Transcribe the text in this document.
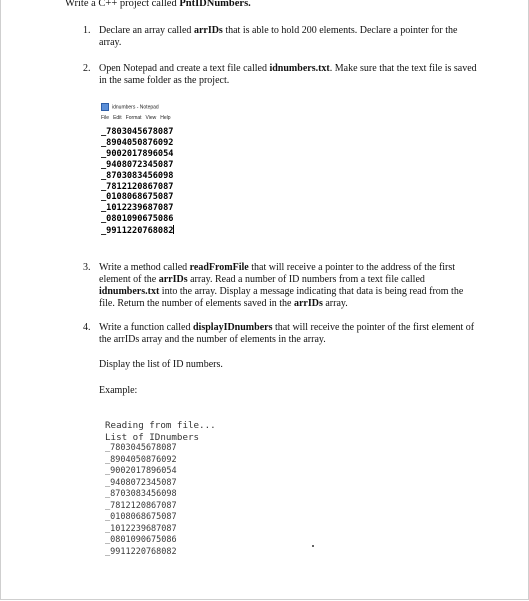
Write a C++ project called PntIDNumbers.
1. Declare an array called arrIDs that is able to hold 200 elements. Declare a pointer for the array.
2. Open Notepad and create a text file called idnumbers.txt. Make sure that the text file is saved in the same folder as the project.
idnumbers - Notepad
File Edit Format View Help
_7803045678087
_8904050876092
_9002017896054
_9408072345087
_8703083456098
_7812120867087
_0108068675087
_1012239687087
_0801090675086
_9911220768082
3. Write a method called readFromFile that will receive a pointer to the address of the first element of the arrIDs array. Read a number of ID numbers from a text file called idnumbers.txt into the array. Display a message indicating that data is being read from the file. Return the number of elements saved in the arrIDs array.
4. Write a function called displayIDnumbers that will receive the pointer of the first element of the arrIDs array and the number of elements in the array.
Display the list of ID numbers.
Example:
Reading from file...
List of IDnumbers
_7803045678087
_8904050876092
_9002017896054
_9408072345087
_8703083456098
_7812120867087
_0108068675087
_1012239687087
_0801090675086
_9911220768082
